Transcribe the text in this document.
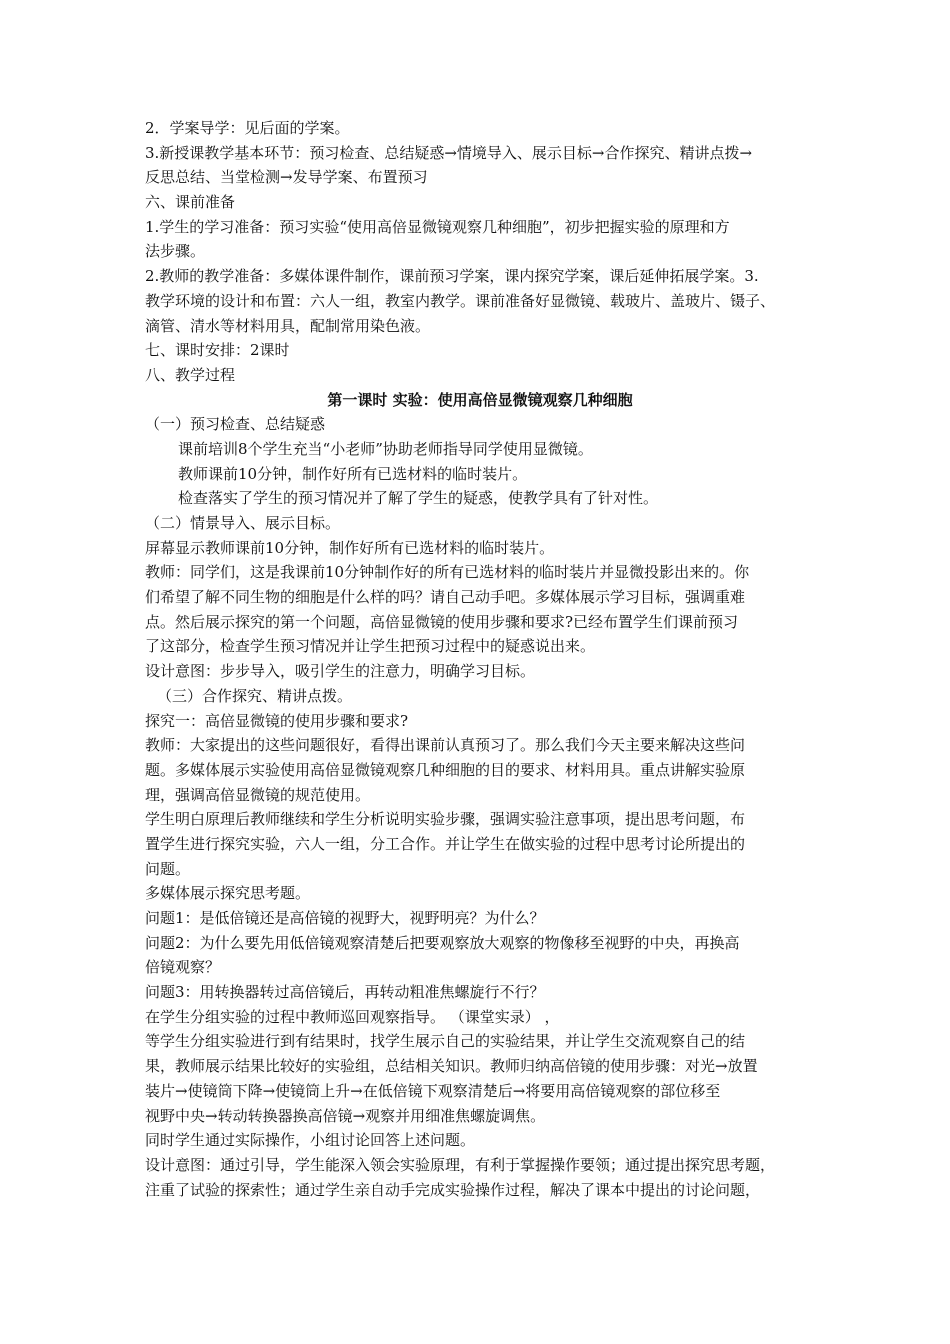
2．学案导学：见后面的学案。
3.新授课教学基本环节：预习检查、总结疑惑→情境导入、展示目标→合作探究、精讲点拨→
反思总结、当堂检测→发导学案、布置预习
六、课前准备
1.学生的学习准备：预习实验“使用高倍显微镜观察几种细胞”，初步把握实验的原理和方
法步骤。
2.教师的教学准备：多媒体课件制作，课前预习学案，课内探究学案，课后延伸拓展学案。3.
教学环境的设计和布置：六人一组，教室内教学。课前准备好显微镜、载玻片、盖玻片、镊子、
滴管、清水等材料用具，配制常用染色液。
七、课时安排：2课时
八、教学过程
第一课时 实验：使用高倍显微镜观察几种细胞
（一）预习检查、总结疑惑
课前培训8个学生充当“小老师”协助老师指导同学使用显微镜。
教师课前10分钟，制作好所有已选材料的临时装片。
检查落实了学生的预习情况并了解了学生的疑惑，使教学具有了针对性。
（二）情景导入、展示目标。
屏幕显示教师课前10分钟，制作好所有已选材料的临时装片。
教师：同学们，这是我课前10分钟制作好的所有已选材料的临时装片并显微投影出来的。你
们希望了解不同生物的细胞是什么样的吗？请自己动手吧。多媒体展示学习目标，强调重难
点。然后展示探究的第一个问题，高倍显微镜的使用步骤和要求?已经布置学生们课前预习
了这部分，检查学生预习情况并让学生把预习过程中的疑惑说出来。
设计意图：步步导入，吸引学生的注意力，明确学习目标。
（三）合作探究、精讲点拨。
探究一：高倍显微镜的使用步骤和要求?
教师：大家提出的这些问题很好，看得出课前认真预习了。那么我们今天主要来解决这些问
题。多媒体展示实验使用高倍显微镜观察几种细胞的目的要求、材料用具。重点讲解实验原
理，强调高倍显微镜的规范使用。
学生明白原理后教师继续和学生分析说明实验步骤，强调实验注意事项，提出思考问题，布
置学生进行探究实验，六人一组，分工合作。并让学生在做实验的过程中思考讨论所提出的
问题。
多媒体展示探究思考题。
问题1：是低倍镜还是高倍镜的视野大，视野明亮？为什么？
问题2：为什么要先用低倍镜观察清楚后把要观察放大观察的物像移至视野的中央，再换高
倍镜观察？
问题3：用转换器转过高倍镜后，再转动粗准焦螺旋行不行？
在学生分组实验的过程中教师巡回观察指导。 （课堂实录） ，
等学生分组实验进行到有结果时，找学生展示自己的实验结果，并让学生交流观察自己的结
果，教师展示结果比较好的实验组，总结相关知识。教师归纳高倍镜的使用步骤：对光→放置
装片→使镜筒下降→使镜筒上升→在低倍镜下观察清楚后→将要用高倍镜观察的部位移至
视野中央→转动转换器换高倍镜→观察并用细准焦螺旋调焦。
同时学生通过实际操作，小组讨论回答上述问题。
设计意图：通过引导，学生能深入领会实验原理，有利于掌握操作要领；通过提出探究思考题，
注重了试验的探索性；通过学生亲自动手完成实验操作过程，解决了课本中提出的讨论问题，
